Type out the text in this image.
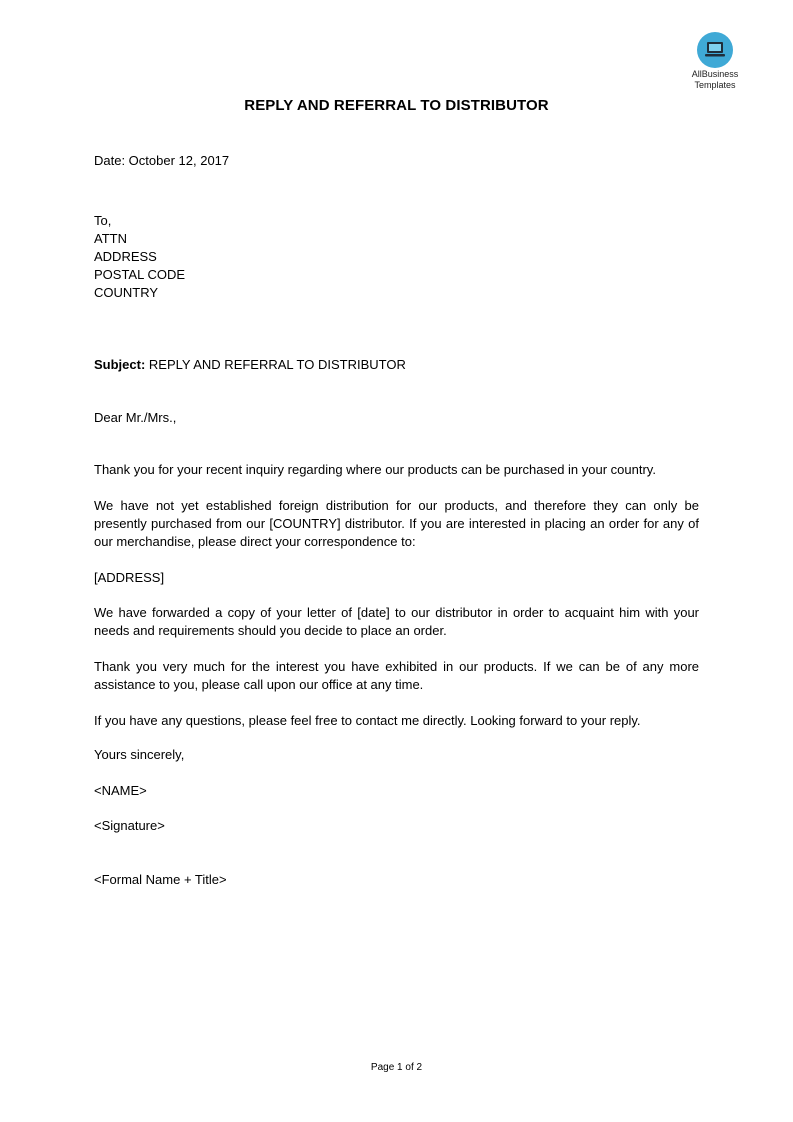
AllBusiness
Templates
REPLY AND REFERRAL TO DISTRIBUTOR
Date: October 12, 2017
To,
ATTN
ADDRESS
POSTAL CODE
COUNTRY
Subject: REPLY AND REFERRAL TO DISTRIBUTOR
Dear Mr./Mrs.,
Thank you for your recent inquiry regarding where our products can be purchased in your country.
We have not yet established foreign distribution for our products, and therefore they can only be presently purchased from our [COUNTRY] distributor. If you are interested in placing an order for any of our merchandise, please direct your correspondence to:
[ADDRESS]
We have forwarded a copy of your letter of [date] to our distributor in order to acquaint him with your needs and requirements should you decide to place an order.
Thank you very much for the interest you have exhibited in our products. If we can be of any more assistance to you, please call upon our office at any time.
If you have any questions, please feel free to contact me directly. Looking forward to your reply.
Yours sincerely,
<NAME>
<Signature>
<Formal Name + Title>
Page 1 of 2
